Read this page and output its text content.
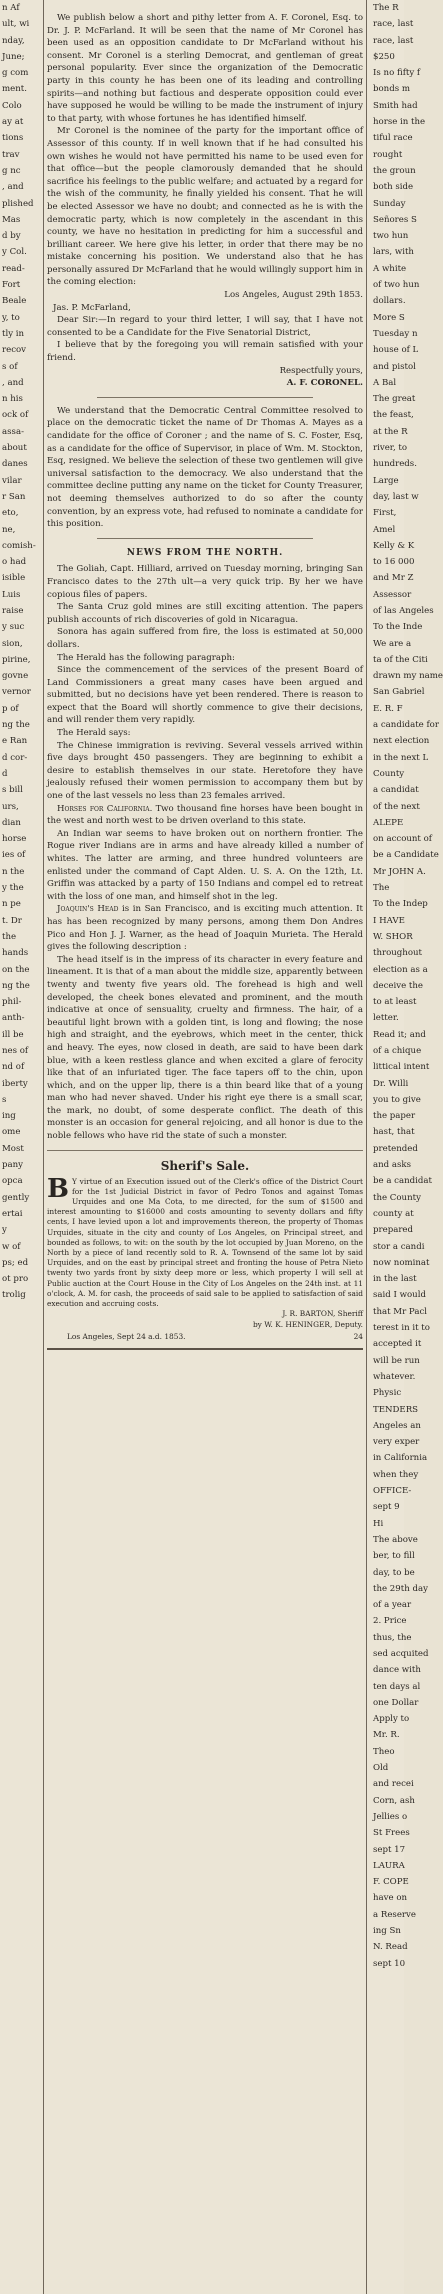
n Af
ult, wi
nday,
June;
g com
ment.
Colo
ay at
tions
trav
g nc
, and
plished
Mas
d by
y Col.
read-
Fort
Beale
y, to
tly in
recov
s of
, and
n his
ock of
assa-
about
danes
vilar
r San
eto,
ne,
comish-
o had
isible
Luis
raise
y suc
sion,
pirine,
govne
vernor
p of
ng the
e Ran
d cor-
d
s bill
urs,
dian
horse
ies of
n the
y the
n pe
t. Dr
the
hands
on the
ng the
phil-
anth-
ill be
nes of
nd of
iberty
s
ing
ome
Most
pany
opca
gently
ertai
y
w of
ps; ed
ot pro
trolig

We publish below a short and pithy letter from A. F. Coronel, Esq. to Dr. J. P. McFarland. It will be seen that the name of Mr Coronel has been used as an opposition candidate to Dr McFarland without his consent. Mr Coronel is a sterling Democrat, and gentleman of great personal popularity. Ever since the organization of the Democratic party in this county he has been one of its leading and controlling spirits—and nothing but factious and desperate opposition could ever have supposed he would be willing to be made the instrument of injury to that party, with whose fortunes he has identified himself.

Mr Coronel is the nominee of the party for the important office of Assessor of this county. If in well known that if he had consulted his own wishes he would not have permitted his name to be used even for that office—but the people clamorously demanded that he should sacrifice his feelings to the public welfare; and actuated by a regard for the wish of the community, he finally yielded his consent. That he will be elected Assessor we have no doubt; and connected as he is with the democratic party, which is now completely in the ascendant in this county, we have no hesitation in predicting for him a successful and brilliant career. We here give his letter, in order that there may be no mistake concerning his position. We understand also that he has personally assured Dr McFarland that he would willingly support him in the coming election:

Los Angeles, August 29th 1853.
Jas. P. McFarland,

Dear Sir:—In regard to your third letter, I will say, that I have not consented to be a Candidate for the Five Senatorial District,

I believe that by the foregoing you will remain satisfied with your friend.

Respectfully yours,
A. F. CORONEL.

We understand that the Democratic Central Committee resolved to place on the democratic ticket the name of Dr Thomas A. Mayes as a candidate for the office of Coroner ; and the name of S. C. Foster, Esq, as a candidate for the office of Supervisor, in place of Wm. M. Stockton, Esq, resigned. We believe the selection of these two gentlemen will give universal satisfaction to the democracy. We also understand that the committee decline putting any name on the ticket for County Treasurer, not deeming themselves authorized to do so after the county convention, by an express vote, had refused to nominate a candidate for this position.

NEWS FROM THE NORTH.

The Goliah, Capt. Hilliard, arrived on Tuesday morning, bringing San Francisco dates to the 27th ult—a very quick trip. By her we have copious files of papers.

The Santa Cruz gold mines are still exciting attention. The papers publish accounts of rich discoveries of gold in Nicaragua.

Sonora has again suffered from fire, the loss is estimated at 50,000 dollars.

The Herald has the following paragraph:

Since the commencement of the services of the present Board of Land Commissioners a great many cases have been argued and submitted, but no decisions have yet been rendered. There is reason to expect that the Board will shortly commence to give their decisions, and will render them very rapidly.

The Herald says:

The Chinese immigration is reviving. Several vessels arrived within five days brought 450 passengers. They are beginning to exhibit a desire to establish themselves in our state. Heretofore they have jealously refused their women permission to accompany them but by one of the last vessels no less than 23 females arrived.

Horses for California. Two thousand fine horses have been bought in the west and north west to be driven overland to this state.

An Indian war seems to have broken out on northern frontier. The Rogue river Indians are in arms and have already killed a number of whites. The latter are arming, and three hundred volunteers are enlisted under the command of Capt Alden. U. S. A. On the 12th, Lt. Griffin was attacked by a party of 150 Indians and compel ed to retreat with the loss of one man, and himself shot in the leg.

Joaquin's Head is in San Francisco, and is exciting much attention. It has has been recognized by many persons, among them Don Andres Pico and Hon J. J. Warner, as the head of Joaquin Murieta. The Herald gives the following description :

The head itself is in the impress of its character in every feature and lineament. It is that of a man about the middle size, apparently between twenty and twenty five years old. The forehead is high and well developed, the cheek bones elevated and prominent, and the mouth indicative at once of sensuality, cruelty and firmness. The hair, of a beautiful light brown with a golden tint, is long and flowing; the nose high and straight, and the eyebrows, which meet in the center, thick and heavy. The eyes, now closed in death, are said to have been dark blue, with a keen restless glance and when excited a glare of ferocity like that of an infuriated tiger. The face tapers off to the chin, upon which, and on the upper lip, there is a thin beard like that of a young man who had never shaved. Under his right eye there is a small scar, the mark, no doubt, of some desperate conflict. The death of this monster is an occasion for general rejoicing, and all honor is due to the noble fellows who have rid the state of such a monster.

Sherif's Sale.
B Y virtue of an Execution issued out of the Clerk's office of the District Court for the 1st Judicial District in favor of Pedro Tonos and against Tomas Urquides and one Ma Cota, to me directed, for the sum of $1500 and interest amounting to $16000 and costs amounting to seventy dollars and fifty cents, I have levied upon a lot and improvements thereon, the property of Thomas Urquides, situate in the city and county of Los Angeles, on Principal street, and bounded as follows, to wit: on the south by the lot occupied by Juan Moreno, on the North by a piece of land recently sold to R. A. Townsend of the same lot by said Urquides, and on the east by principal street and fronting the house of Petra Nieto twenty two yards front by sixty deep more or less, which property I will sell at Public auction at the Court House in the City of Los Angeles on the 24th inst. at 11 o'clock, A. M. for cash, the proceeds of said sale to be applied to satisfaction of said execution and accruing costs.
J. R. BARTON, Sheriff
by W. K. HENINGER, Deputy.
Los Angeles, Sept 24 a.d. 1853.	24
The R
race, last
race, last
$250
Is no fifty f
bonds m
Smith had
horse in the
tiful race
rought
the groun
both side
Sunday
Señores S
two hun
lars, with
A white
of two hun
dollars.
More S
Tuesday n
house of L
and pistol
A Bal
The great
the feast,
at the R
river, to
hundreds.
Large
day, last w
First,
Amel
Kelly & K
to 16 000
and Mr Z
Assessor
of las Angeles
To the Inde
We are a
ta of the Citi
drawn my name
San Gabriel
E. R. F
a candidate for
next election
in the next L
County
a candidat
of the next
ALEPE
on account of
be a Candidate
Mr JOHN A.
The
To the Indep
I HAVE
W. SHOR
throughout
election as a
deceive the
to at least
letter.
Read it; and
of a chique
littical intent
Dr. Willi
you to give
the paper
hast, that
pretended
and asks
be a candidat
the County
county at
prepared
stor a candi
now nominat
in the last
said I would
that Mr Pacl
terest in it to
accepted it
will be run
whatever.
Physic
TENDERS
Angeles an
very exper
in California
when they
OFFICE-
sept 9
Hi
The above
ber, to fill
day, to be
the 29th day
of a year
2. Price
thus, the
sed acquited
dance with
ten days al
one Dollar
Apply to
Mr. R.
Theo
Old
and recei
Corn, ash
Jellies o
St Frees
sept 17
LAURA
F. COPE
have on
a Reserve
ing Sn
N. Read
sept 10
